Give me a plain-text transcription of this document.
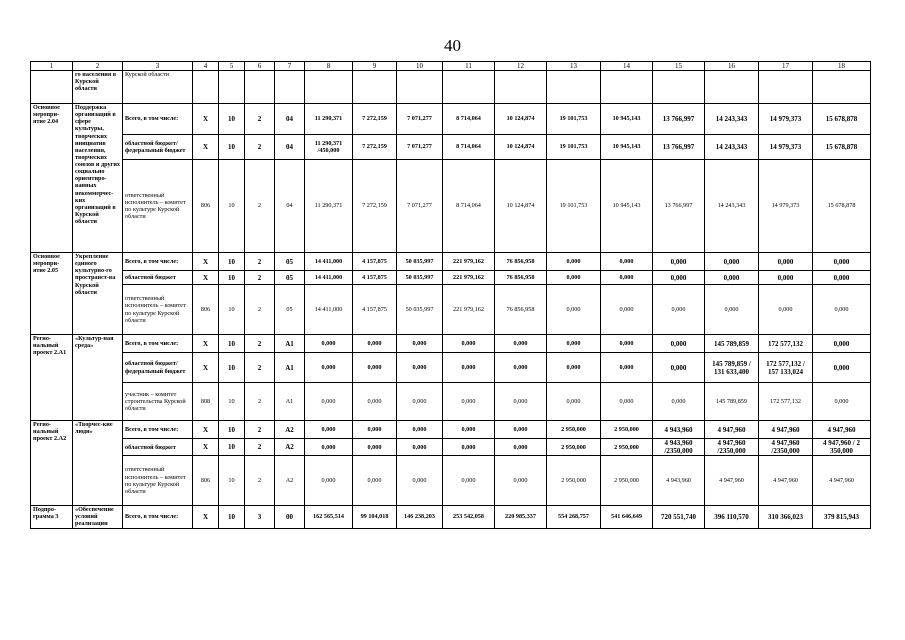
40
1	2	3	4	5	6	7	8	9	10	11	12	13	14	15	16	17	18
	го населения в Курской области	Курской области															
Основное меропри-ятие 2.04	Поддержка организаций в сфере культуры, творческих инициатив населения, творческих союзов и других социально ориентиро-ванных некоммерчес-ких организаций в Курской области	Всего, в том числе:	Х	10	2	04	11 290,371	7 272,159	7 071,277	8 714,064	10 124,874	19 101,753	10 945,143	13 766,997	14 243,343	14 979,373	15 678,878
		областной бюджет/ федеральный бюджет	Х	10	2	04	11 290,371 /450,000	7 272,159	7 071,277	8 714,064	10 124,874	19 101,753	10 945,143	13 766,997	14 243,343	14 979,373	15 678,878
		ответственный исполнитель – комитет по культуре Курской области	806	10	2	04	11 290,371	7 272,159	7 071,277	8 714,064	10 124,874	19 101,753	10 945,143	13 766,997	14 243,343	14 979,373	15 678,878
Основное меропри-ятие 2.05	Укрепление единого культурно-го пространст-ва Курской области	Всего, в том числе:	Х	10	2	05	14 411,000	4 157,875	50 035,997	221 979,162	76 856,958	0,000	0,000	0,000	0,000	0,000	0,000
		областной бюджет	Х	10	2	05	14 411,000	4 157,875	50 035,997	221 979,162	76 856,958	0,000	0,000	0,000	0,000	0,000	0,000
		ответственный исполнитель – комитет по культуре Курской области	806	10	2	05	14 411,000	4 157,875	50 035,997	221 979,162	76 856,958	0,000	0,000	0,000	0,000	0,000	0,000
Регио-нальный проект 2.А1	«Культур-ная среда»	Всего, в том числе:	Х	10	2	А1	0,000	0,000	0,000	0,000	0,000	0,000	0,000	0,000	145 789,859	172 577,132	0,000
		областной бюджет/ федеральный бюджет	Х	10	2	А1	0,000	0,000	0,000	0,000	0,000	0,000	0,000	0,000	145 789,859 / 131 633,400	172 577,132 / 157 133,024	0,000
		участник – комитет строительства Курской области	808	10	2	А1	0,000	0,000	0,000	0,000	0,000	0,000	0,000	0,000	145 789,859	172 577,132	0,000
Регио-нальный проект 2.А2	«Творчес-кие люди»	Всего, в том числе:	Х	10	2	А2	0,000	0,000	0,000	0,000	0,000	2 950,000	2 950,000	4 943,960	4 947,960	4 947,960	4 947,960
		областной бюджет	Х	10	2	А2	0,000	0,000	0,000	0,000	0,000	2 950,000	2 950,000	4 943,960 /2350,000	4 947,960 /2350,000	4 947,960 /2350,000	4 947,960 / 2 350,000
		ответственный исполнитель – комитет по культуре Курской области	806	10	2	А2	0,000	0,000	0,000	0,000	0,000	2 950,000	2 950,000	4 943,960	4 947,960	4 947,960	4 947,960
Подпро-грамма 3	«Обеспечение условий реализации	Всего, в том числе:	Х	10	3	00	162 565,514	99 104,018	146 238,203	253 542,058	220 985,337	554 268,757	541 646,649	720 551,740	396 110,570	310 366,023	379 815,943
